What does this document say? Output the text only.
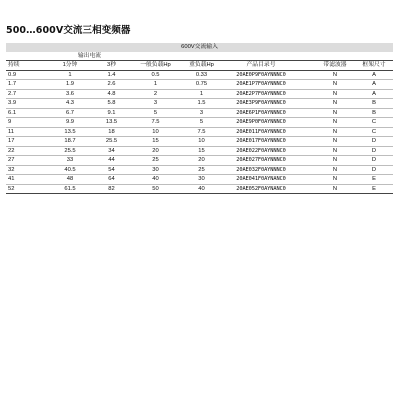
500…600V交流三相变频器
600V交流输入								
	输出电流							
持续	1分钟	3秒	一般负载Hp	重负载Hp	产品目录号		带滤波器	框架尺寸
0.9	1	1.4	0.5	0.33	20AE0P9F0AYNNNC0		N	A
1.7	1.9	2.6	1	0.75	20AE1P7F0AYNNNC0		N	A
2.7	3.6	4.8	2	1	20AE2P7F0AYNNNC0		N	A
3.9	4.3	5.8	3	1.5	20AE3P9F0AYNNNC0		N	B
6.1	6.7	9.1	5	3	20AE6P1F0AYNNNC0		N	B
9	9.9	13.5	7.5	5	20AE9P0F0AYNNNC0		N	C
11	13.5	18	10	7.5	20AE011F0AYNNNC0		N	C
17	18.7	25.5	15	10	20AE017F0AYNNNC0		N	D
22	25.5	34	20	15	20AE022F0AYNNNC0		N	D
27	33	44	25	20	20AE027F0AYNNNC0		N	D
32	40.5	54	30	25	20AE032F0AYNNNC0		N	D
41	48	64	40	30	20AE041F0AYNANC0		N	E
52	61.5	82	50	40	20AE052F0AYNANC0		N	E
